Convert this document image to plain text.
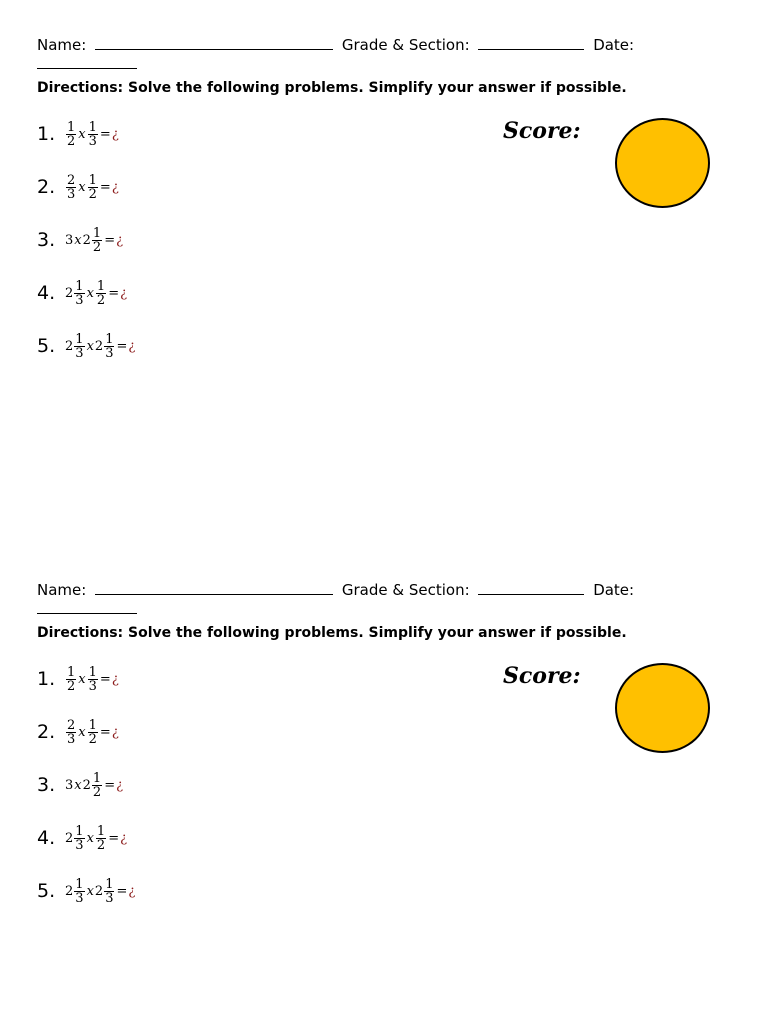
Name:	Grade & Section:	Date:
Directions: Solve the following problems. Simplify your answer if possible.
Score:
1. $\frac{1}{2}$ x $\frac{1}{3}$ = ¿
2. $\frac{2}{3}$ x $\frac{1}{2}$ = ¿
3. 3 x $2 \frac{1}{2}$ = ¿
4. $2 \frac{1}{3}$ x $\frac{1}{2}$ = ¿
5. $2 \frac{1}{3}$ x $2 \frac{1}{3}$ = ¿
Name:	Grade & Section:	Date:
Directions: Solve the following problems. Simplify your answer if possible.
Score:
1. $\frac{1}{2}$ x $\frac{1}{3}$ = ¿
2. $\frac{2}{3}$ x $\frac{1}{2}$ = ¿
3. 3 x $2 \frac{1}{2}$ = ¿
4. $2 \frac{1}{3}$ x $\frac{1}{2}$ = ¿
5. $2 \frac{1}{3}$ x $2 \frac{1}{3}$ = ¿
